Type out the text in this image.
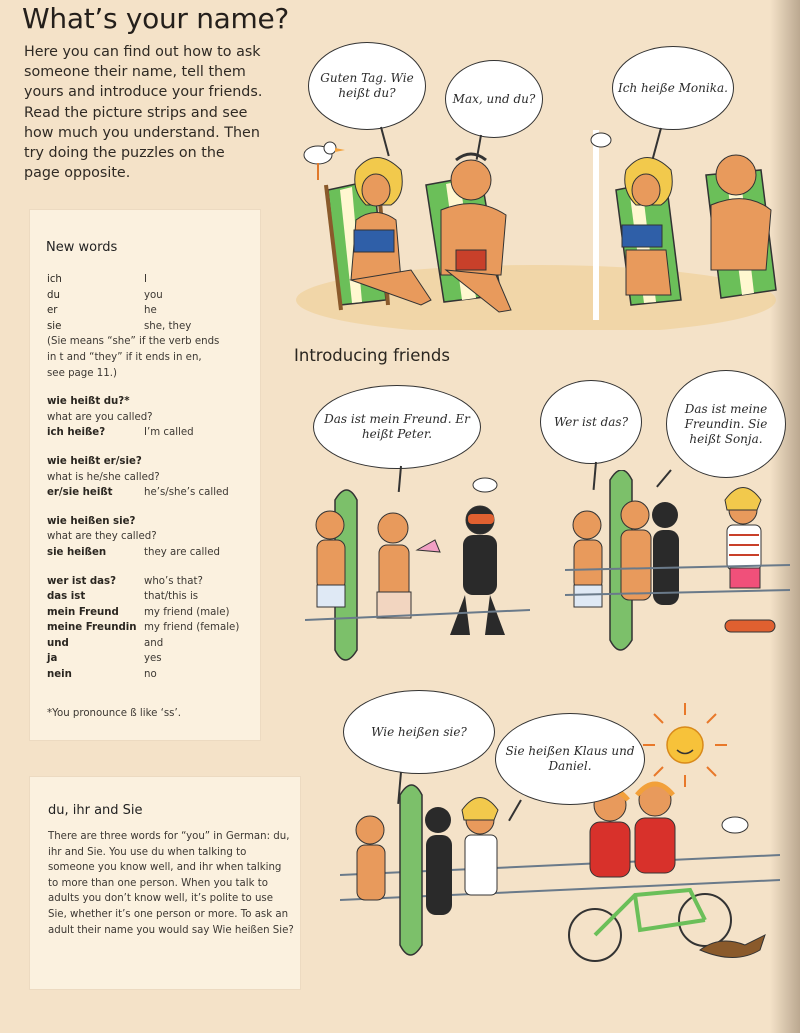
What’s your name?

Here you can find out how to ask someone their name, tell them yours and introduce your friends. Read the picture strips and see how much you understand. Then try doing the puzzles on the page opposite.

New words
ich	I
du	you
er	he
sie	she, they
(Sie means “she” if the verb ends
in t and “they” if it ends in en,
see page 11.)
wie heißt du?*
what are you called?
ich heiße?	I’m called
wie heißt er/sie?
what is he/she called?
er/sie heißt	he’s/she’s called
wie heißen sie?
what are they called?
sie heißen	they are called
wer ist das?	who’s that?
das ist	that/this is
mein Freund	my friend (male)
meine Freundin my friend (female)
und	and
ja	yes
nein	no
*You pronounce ß like ‘ss’.
du, ihr and Sie

There are three words for “you” in German: du, ihr and Sie. You use du when talking to someone you know well, and ihr when talking to more than one person. When you talk to adults you don’t know well, it’s polite to use Sie, whether it’s one person or more. To ask an adult their name you would say Wie heißen Sie?

Introducing friends
Guten Tag. Wie heißt du?	Max, und du?
Ich heiße Monika.
Das ist mein Freund. Er heißt Peter.
Wer ist das?
Das ist meine Freundin. Sie heißt Sonja.
Wie heißen sie?
Sie heißen Klaus und Daniel.
